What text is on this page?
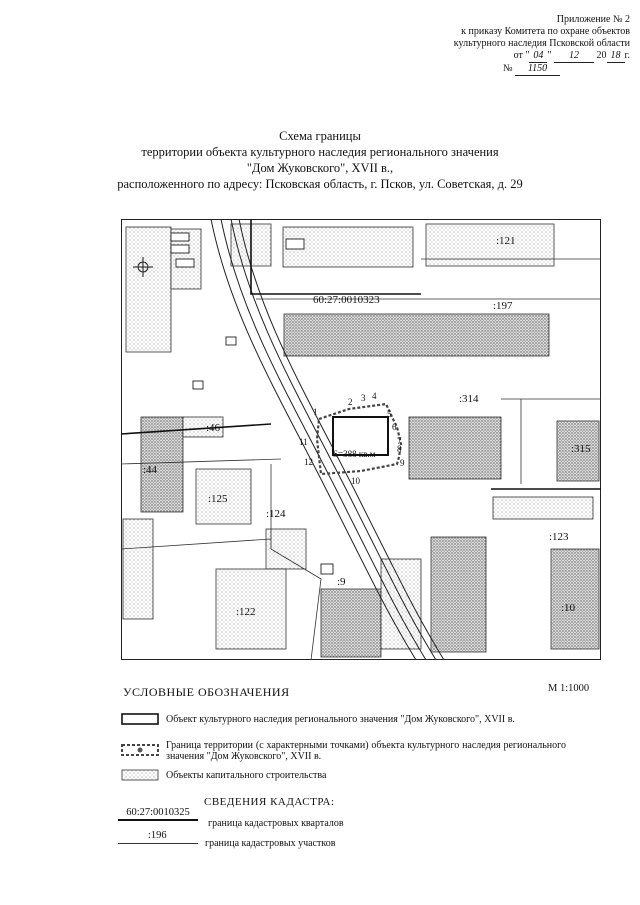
Приложение № 2
к приказу Комитета по охране объектов
культурного наследия Псковской области
от " 04 " 12 20 18 г.
№ 1150
Схема границы
территории объекта культурного наследия регионального значения
"Дом Жуковского", XVII в.,
расположенного по адресу: Псковская область, г. Псков, ул. Советская, д. 29
60:27:0010323
S=388 кв.м
:121
:197
:314
:315
:46
:44
:125
:124
:123
:122
:9
:10
1
2 3 4
5
6
7
8
9
10
11
12
УСЛОВНЫЕ ОБОЗНАЧЕНИЯ	М 1:1000
Объект культурного наследия регионального значения "Дом Жуковского", XVII в.
Граница территории (с характерными точками) объекта культурного наследия регионального значения "Дом Жуковского", XVII в.
Объекты капитального строительства
СВЕДЕНИЯ КАДАСТРА:
60:27:0010325
граница кадастровых кварталов
:196
граница кадастровых участков
